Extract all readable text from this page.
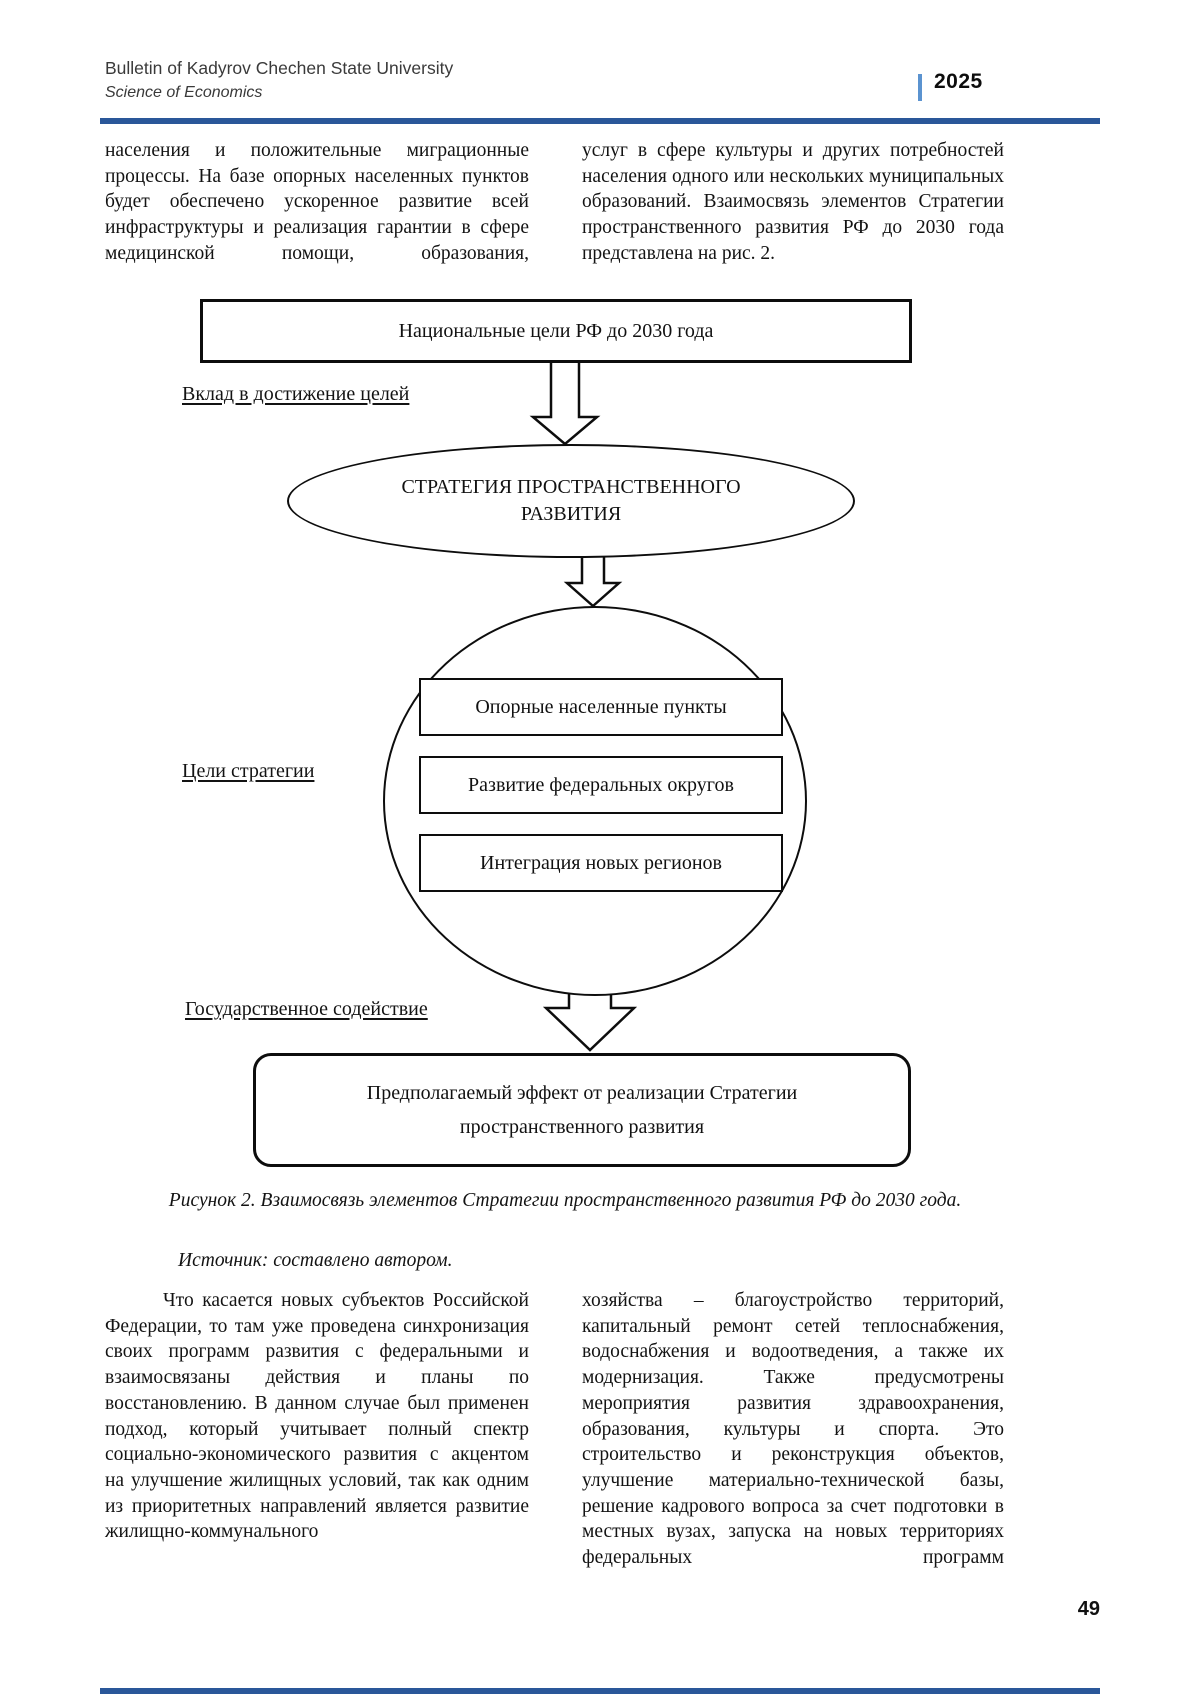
Bulletin of Kadyrov Chechen State University
Science of Economics	2025
населения и положительные миграционные процессы. На базе опорных населенных пунктов будет обеспечено ускоренное развитие всей инфраструктуры и реализация гарантии в сфере медицинской помощи, образования,
услуг в сфере культуры и других потребностей населения одного или нескольких муниципальных образований. Взаимосвязь элементов Стратегии пространственного развития РФ до 2030 года представлена на рис. 2.
Национальные цели РФ до 2030 года
Вклад в достижение целей
СТРАТЕГИЯ ПРОСТРАНСТВЕННОГО РАЗВИТИЯ
Цели стратегии
Опорные населенные пункты
Развитие федеральных округов
Интеграция новых регионов
Государственное содействие
Предполагаемый эффект от реализации Стратегии пространственного развития
Рисунок 2. Взаимосвязь элементов Стратегии пространственного развития РФ до 2030 года.
Источник: составлено автором.
Что касается новых субъектов Российской Федерации, то там уже проведена синхронизация своих программ развития с федеральными и взаимосвязаны действия и планы по восстановлению. В данном случае был применен подход, который учитывает полный спектр социально-экономического развития с акцентом на улучшение жилищных условий, так как одним из приоритетных направлений является развитие жилищно-коммунального
хозяйства – благоустройство территорий, капитальный ремонт сетей теплоснабжения, водоснабжения и водоотведения, а также их модернизация. Также предусмотрены мероприятия развития здравоохранения, образования, культуры и спорта. Это строительство и реконструкция объектов, улучшение материально-технической базы, решение кадрового вопроса за счет подготовки в местных вузах, запуска на новых территориях федеральных программ
49
